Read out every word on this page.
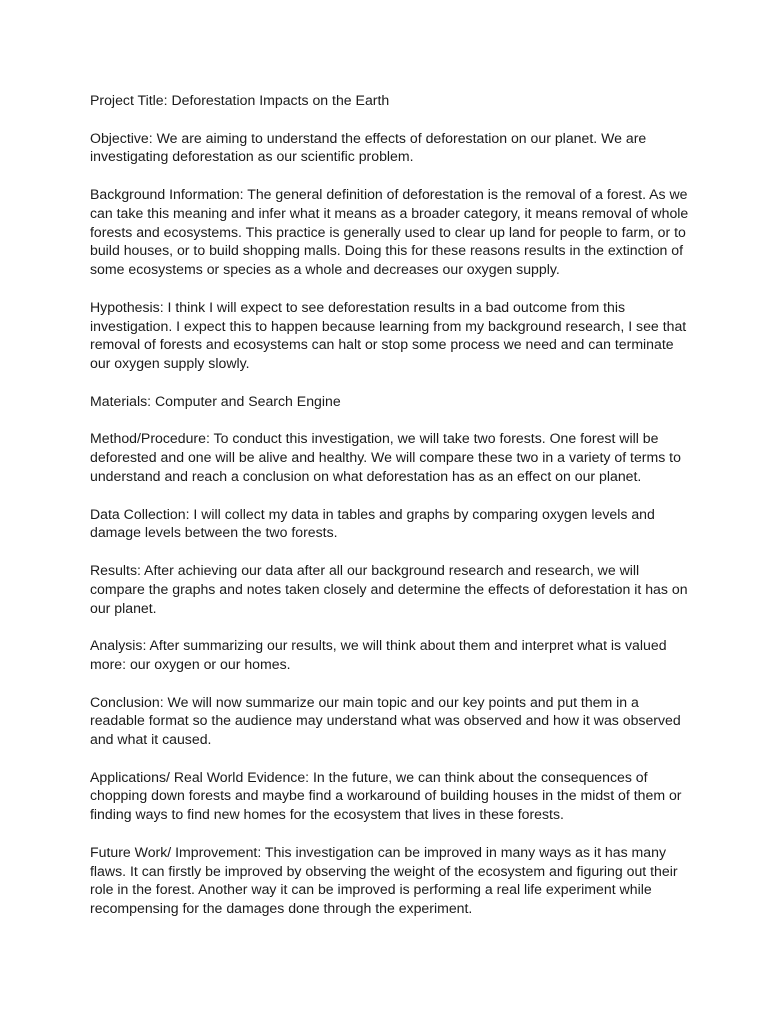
Project Title: Deforestation Impacts on the Earth

Objective: We are aiming to understand the effects of deforestation on our planet. We are
investigating deforestation as our scientific problem.

Background Information: The general definition of deforestation is the removal of a forest. As we
can take this meaning and infer what it means as a broader category, it means removal of whole
forests and ecosystems. This practice is generally used to clear up land for people to farm, or to
build houses, or to build shopping malls. Doing this for these reasons results in the extinction of
some ecosystems or species as a whole and decreases our oxygen supply.

Hypothesis: I think I will expect to see deforestation results in a bad outcome from this
investigation. I expect this to happen because learning from my background research, I see that
removal of forests and ecosystems can halt or stop some process we need and can terminate
our oxygen supply slowly.

Materials: Computer and Search Engine

Method/Procedure: To conduct this investigation, we will take two forests. One forest will be
deforested and one will be alive and healthy. We will compare these two in a variety of terms to
understand and reach a conclusion on what deforestation has as an effect on our planet.

Data Collection: I will collect my data in tables and graphs by comparing oxygen levels and
damage levels between the two forests.

Results: After achieving our data after all our background research and research, we will
compare the graphs and notes taken closely and determine the effects of deforestation it has on
our planet.

Analysis: After summarizing our results, we will think about them and interpret what is valued
more: our oxygen or our homes.

Conclusion: We will now summarize our main topic and our key points and put them in a
readable format so the audience may understand what was observed and how it was observed
and what it caused.

Applications/ Real World Evidence: In the future, we can think about the consequences of
chopping down forests and maybe find a workaround of building houses in the midst of them or
finding ways to find new homes for the ecosystem that lives in these forests.

Future Work/ Improvement: This investigation can be improved in many ways as it has many
flaws. It can firstly be improved by observing the weight of the ecosystem and figuring out their
role in the forest. Another way it can be improved is performing a real life experiment while
recompensing for the damages done through the experiment.
